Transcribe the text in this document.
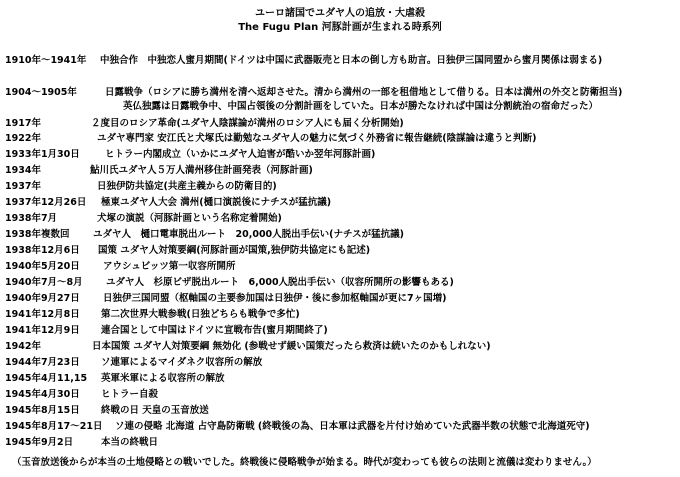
ユーロ諸国でユダヤ人の追放・大虐殺
The Fugu Plan 河豚計画が生まれる時系列
1910年〜1941年 中独合作　中独恋人蜜月期間(ドイツは中国に武器販売と日本の倒し方も助言。日独伊三国同盟から蜜月関係は弱まる)
1904〜1905年	日露戦争（ロシアに勝ち満州を清へ返却させた。清から満州の一部を租借地として借りる。日本は満州の外交と防衛担当)
英仏独露は日露戦争中、中国占領後の分割計画をしていた。日本が勝たなければ中国は分割統治の宿命だった）
1917年	２度目のロシア革命(ユダヤ人陰謀論が満州のロシア人にも届く分析開始)
1922年	ユダヤ専門家 安江氏と犬塚氏は勤勉なユダヤ人の魅力に気づく外務省に報告継続(陰謀論は違うと判断)
1933年1月30日	ヒトラー内閣成立（いかにユダヤ人迫害が酷いか翌年河豚計画)
1934年	鮎川氏ユダヤ人５万人満州移住計画発表（河豚計画)
1937年	日独伊防共協定(共産主義からの防衛目的)
1937年12月26日 極東ユダヤ人大会 満州(樋口演説後にナチスが猛抗議)
1938年7月	犬塚の演説（河豚計画という名称定着開始)
1938年複数回 ユダヤ人　樋口電車脱出ルート　20,000人脱出手伝い(ナチスが猛抗議)
1938年12月6日 国策 ユダヤ人対策要綱(河豚計画が国策,独伊防共協定にも記述)
1940年5月20日 アウシュビッツ第一収容所開所
1940年7月〜8月 ユダヤ人　杉原ビザ脱出ルート　6,000人脱出手伝い（収容所開所の影響もある)
1940年9月27日 日独伊三国同盟（枢軸国の主要参加国は日独伊・後に参加枢軸国が更に7ヶ国増)
1941年12月8日 第二次世界大戦参戦(日独どちらも戦争で多忙)
1941年12月9日 連合国として中国はドイツに宣戦布告(蜜月期間終了)
1942年	日本国策 ユダヤ人対策要綱 無効化 (参戦せず緩い国策だったら救済は続いたのかもしれない)
1944年7月23日 ソ連軍によるマイダネク収容所の解放
1945年4月11,15 英軍米軍による収容所の解放
1945年4月30日 ヒトラー自殺
1945年8月15日 終戦の日 天皇の玉音放送
1945年8月17〜21日 ソ連の侵略 北海道 占守島防衛戦 (終戦後の為、日本軍は武器を片付け始めていた武器半数の状態で北海道死守)
1945年9月2日	本当の終戦日
（玉音放送後からが本当の土地侵略との戦いでした。終戦後に侵略戦争が始まる。時代が変わっても彼らの法則と流儀は変わりません。）
